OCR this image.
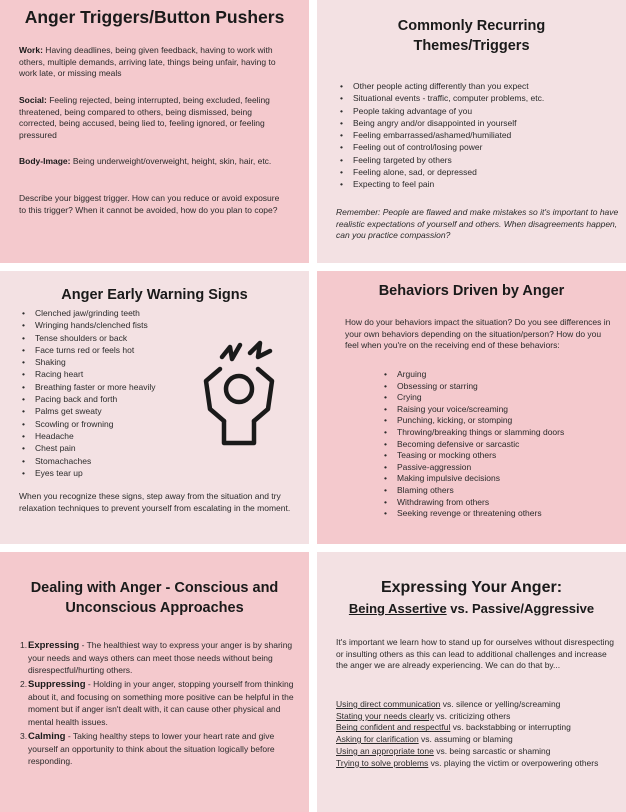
Anger Triggers/Button Pushers

Work: Having deadlines, being given feedback, having to work with others, multiple demands, arriving late, things being unfair, having to work late, or missing meals

Social: Feeling rejected, being interrupted, being excluded, feeling threatened, being compared to others, being dismissed, being corrected, being accused, being lied to, feeling ignored, or feeling pressured

Body-Image: Being underweight/overweight, height, skin, hair, etc.

Describe your biggest trigger. How can you reduce or avoid exposure to this trigger? When it cannot be avoided, how do you plan to cope?

Commonly Recurring
Themes/Triggers
• Other people acting differently than you expect
• Situational events - traffic, computer problems, etc.
• People taking advantage of you
• Being angry and/or disappointed in yourself
• Feeling embarrassed/ashamed/humiliated
• Feeling out of control/losing power
• Feeling targeted by others
• Feeling alone, sad, or depressed
• Expecting to feel pain

Remember: People are flawed and make mistakes so it's important to have realistic expectations of yourself and others. When disagreements happen, can you practice compassion?

Anger Early Warning Signs
• Clenched jaw/grinding teeth
• Wringing hands/clenched fists
• Tense shoulders or back
• Face turns red or feels hot
• Shaking
• Racing heart
• Breathing faster or more heavily
• Pacing back and forth
• Palms get sweaty
• Scowling or frowning
• Headache
• Chest pain
• Stomachaches
• Eyes tear up

When you recognize these signs, step away from the situation and try relaxation techniques to prevent yourself from escalating in the moment.

Behaviors Driven by Anger

How do your behaviors impact the situation? Do you see differences in your own behaviors depending on the situation/person? How do you feel when you're on the receiving end of these behaviors:

• Arguing
• Obsessing or starring
• Crying
• Raising your voice/screaming
• Punching, kicking, or stomping
• Throwing/breaking things or slamming doors
• Becoming defensive or sarcastic
• Teasing or mocking others
• Passive-aggression
• Making impulsive decisions
• Blaming others
• Withdrawing from others
• Seeking revenge or threatening others
Dealing with Anger - Conscious and
Unconscious Approaches
1. Expressing - The healthiest way to express your anger is by sharing your needs and ways others can meet those needs without being disrespectful/hurting others.
2. Suppressing - Holding in your anger, stopping yourself from thinking about it, and focusing on something more positive can be helpful in the moment but if anger isn't dealt with, it can cause other physical and mental health issues.
3. Calming - Taking healthy steps to lower your heart rate and give yourself an opportunity to think about the situation logically before responding.
Expressing Your Anger:
Being Assertive vs. Passive/Aggressive

It's important we learn how to stand up for ourselves without disrespecting or insulting others as this can lead to additional challenges and increase the anger we are already experiencing. We can do that by...

Using direct communication vs. silence or yelling/screaming
Stating your needs clearly vs. criticizing others
Being confident and respectful vs. backstabbing or interrupting
Asking for clarification vs. assuming or blaming
Using an appropriate tone vs. being sarcastic or shaming
Trying to solve problems vs. playing the victim or overpowering others
